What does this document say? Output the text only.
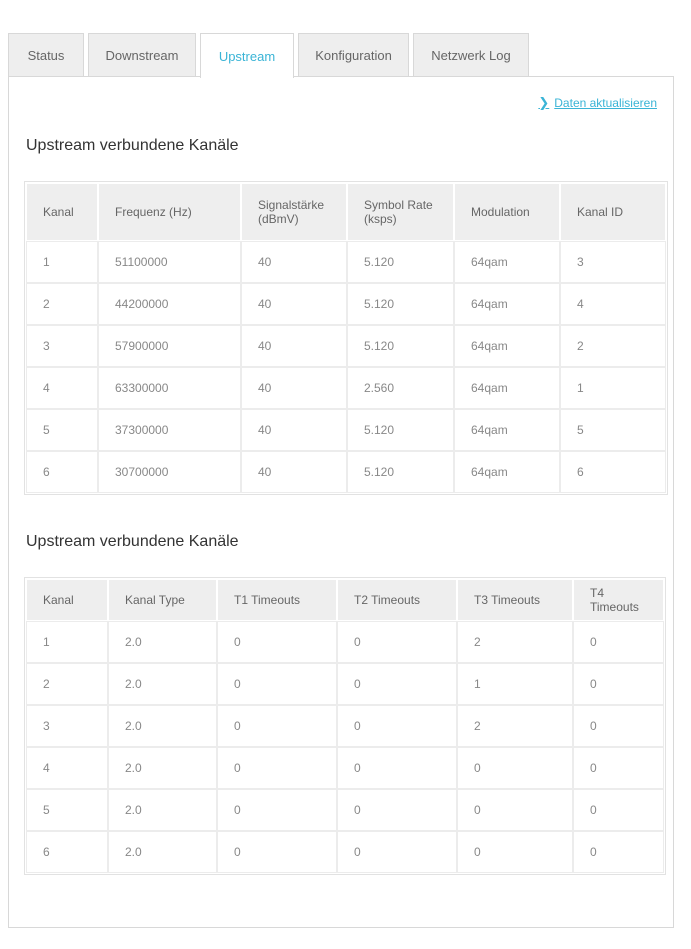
Status	Downstream	Upstream	Konfiguration	Netzwerk Log
❯ Daten aktualisieren
Upstream verbundene Kanäle
Kanal	Frequenz (Hz)	Signalstärke (dBmV)	Symbol Rate (ksps)	Modulation	Kanal ID
1	51100000	40	5.120	64qam	3
2	44200000	40	5.120	64qam	4
3	57900000	40	5.120	64qam	2
4	63300000	40	2.560	64qam	1
5	37300000	40	5.120	64qam	5
6	30700000	40	5.120	64qam	6
Upstream verbundene Kanäle
Kanal	Kanal Type	T1 Timeouts	T2 Timeouts	T3 Timeouts	T4 Timeouts
1	2.0	0	0	2	0
2	2.0	0	0	1	0
3	2.0	0	0	2	0
4	2.0	0	0	0	0
5	2.0	0	0	0	0
6	2.0	0	0	0	0
